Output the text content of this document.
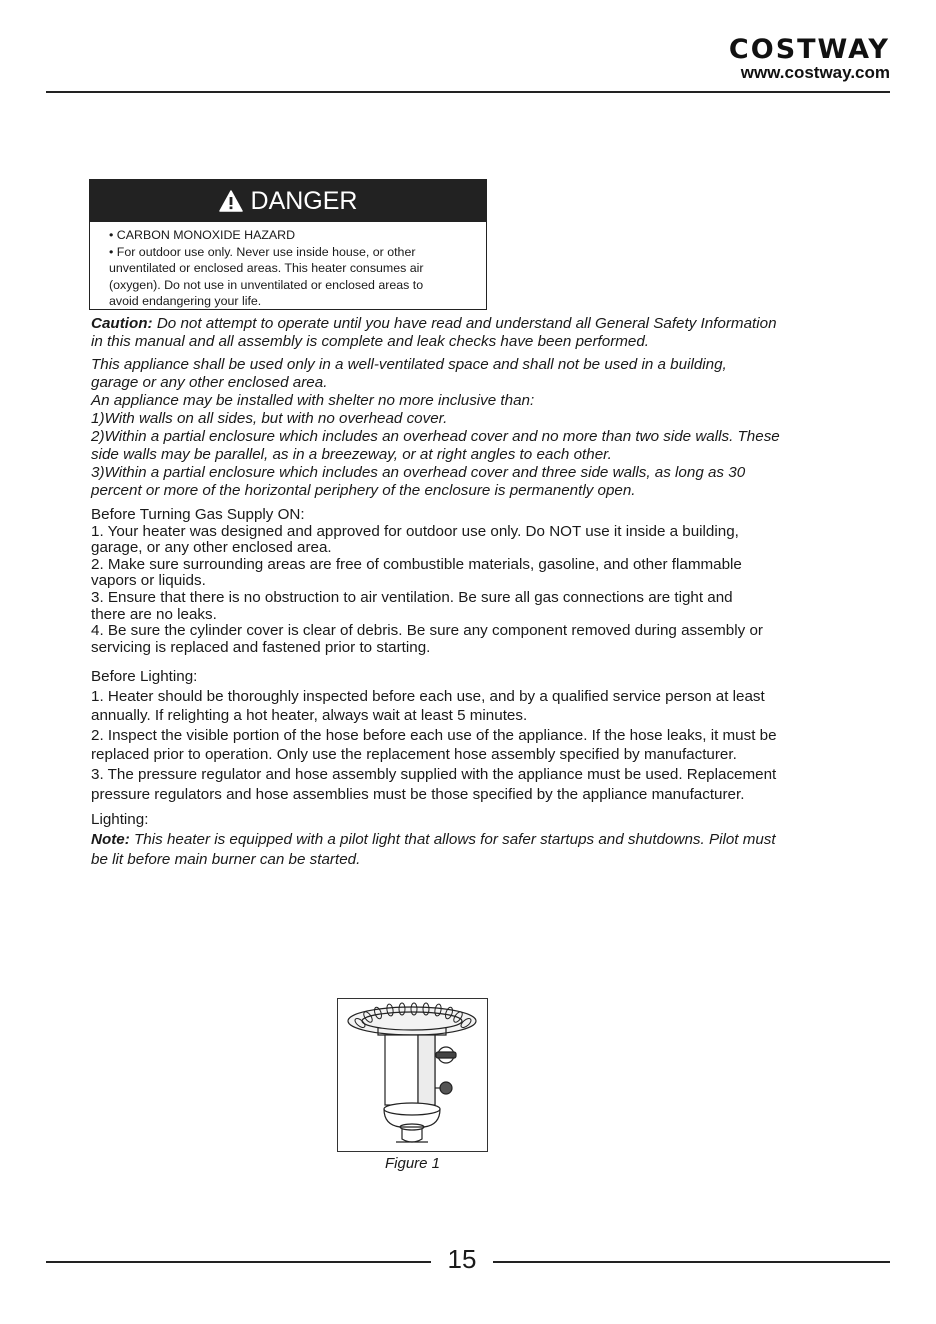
COSTWAY
www.costway.com
DANGER
• CARBON MONOXIDE HAZARD
• For outdoor use only. Never use inside house, or other
unventilated or enclosed areas. This heater consumes air
(oxygen). Do not use in unventilated or enclosed areas to
avoid endangering your life.
Caution: Do not attempt to operate until you have read and understand all General Safety Information
in this manual and all assembly is complete and leak checks have been performed.
This appliance shall be used only in a well-ventilated space and shall not be used in a building,
garage or any other enclosed area.
An appliance may be installed with shelter no more inclusive than:
1)With walls on all sides, but with no overhead cover.
2)Within a partial enclosure which includes an overhead cover and no more than two side walls. These
side walls may be parallel, as in a breezeway, or at right angles to each other.
3)Within a partial enclosure which includes an overhead cover and three side walls, as long as 30
percent or more of the horizontal periphery of the enclosure is permanently open.
Before Turning Gas Supply ON:
1. Your heater was designed and approved for outdoor use only. Do NOT use it inside a building,
garage, or any other enclosed area.
2. Make sure surrounding areas are free of combustible materials, gasoline, and other flammable
vapors or liquids.
3. Ensure that there is no obstruction to air ventilation. Be sure all gas connections are tight and
there are no leaks.
4. Be sure the cylinder cover is clear of debris. Be sure any component removed during assembly or
servicing is replaced and fastened prior to starting.
Before Lighting:
1. Heater should be thoroughly inspected before each use, and by a qualified service person at least
annually. If relighting a hot heater, always wait at least 5 minutes.
2. Inspect the visible portion of the hose before each use of the appliance. If the hose leaks, it must be
replaced prior to operation. Only use the replacement hose assembly specified by manufacturer.
3. The pressure regulator and hose assembly supplied with the appliance must be used. Replacement
pressure regulators and hose assemblies must be those specified by the appliance manufacturer.
Lighting:
Note: This heater is equipped with a pilot light that allows for safer startups and shutdowns. Pilot must
be lit before main burner can be started.
Figure 1
15
